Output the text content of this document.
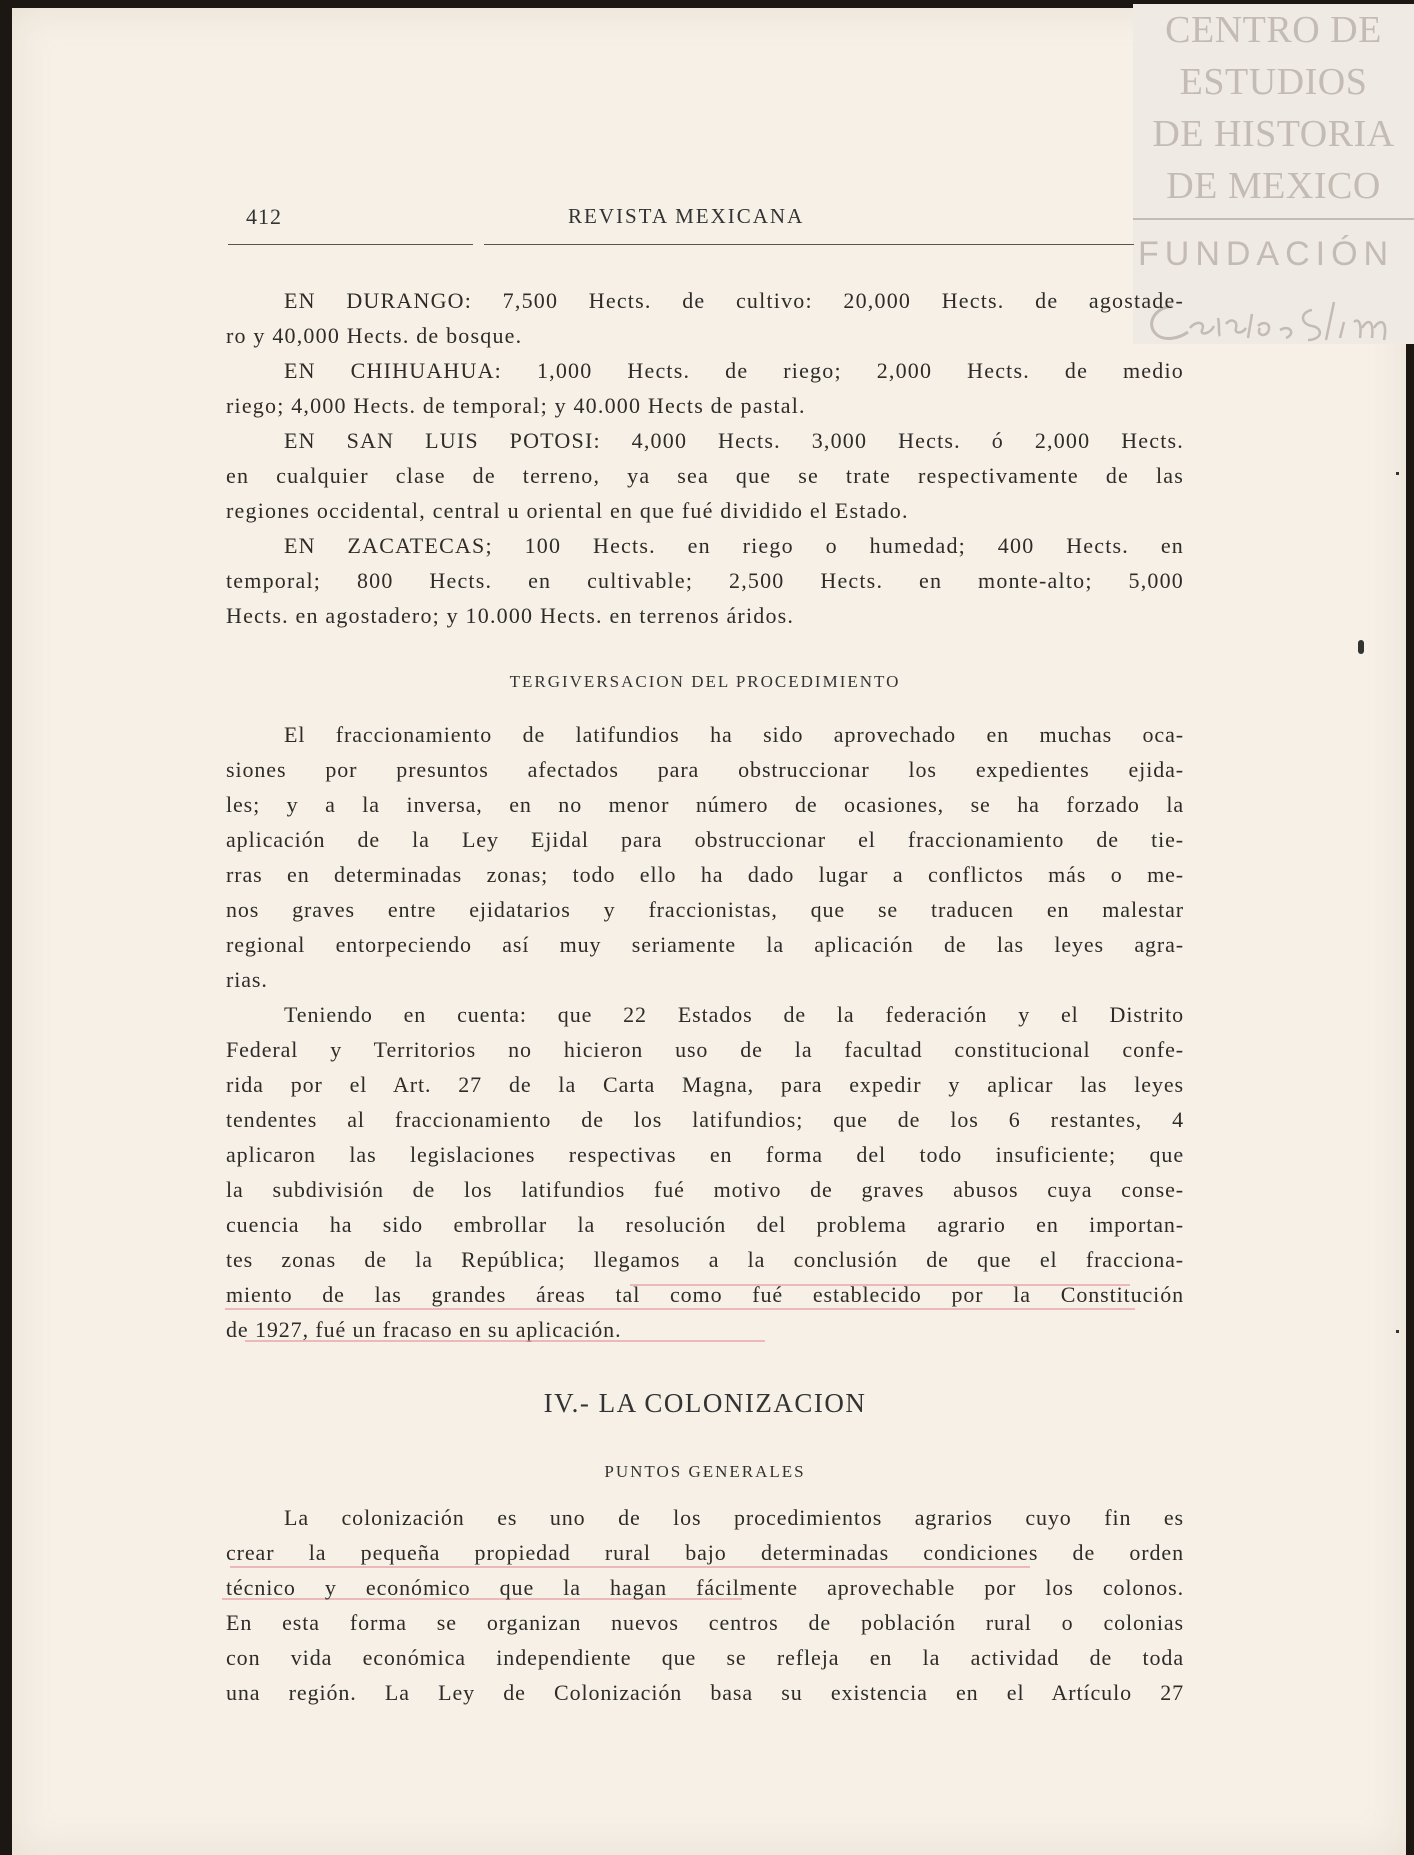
CENTRO DE
ESTUDIOS
DE HISTORIA
DE MEXICO
FUNDACIÓN
412	REVISTA MEXICANA
EN DURANGO: 7,500 Hects. de cultivo: 20,000 Hects. de agostade-
ro y 40,000 Hects. de bosque.
EN CHIHUAHUA: 1,000 Hects. de riego; 2,000 Hects. de medio
riego; 4,000 Hects. de temporal; y 40.000 Hects de pastal.
EN SAN LUIS POTOSI: 4,000 Hects. 3,000 Hects. ó 2,000 Hects.
en cualquier clase de terreno, ya sea que se trate respectivamente de las
regiones occidental, central u oriental en que fué dividido el Estado.
EN ZACATECAS; 100 Hects. en riego o humedad; 400 Hects. en
temporal; 800 Hects. en cultivable; 2,500 Hects. en monte-alto; 5,000
Hects. en agostadero; y 10.000 Hects. en terrenos áridos.
TERGIVERSACION DEL PROCEDIMIENTO
El fraccionamiento de latifundios ha sido aprovechado en muchas oca-
siones por presuntos afectados para obstruccionar los expedientes ejida-
les; y a la inversa, en no menor número de ocasiones, se ha forzado la
aplicación de la Ley Ejidal para obstruccionar el fraccionamiento de tie-
rras en determinadas zonas; todo ello ha dado lugar a conflictos más o me-
nos graves entre ejidatarios y fraccionistas, que se traducen en malestar
regional entorpeciendo así muy seriamente la aplicación de las leyes agra-
rias.
Teniendo en cuenta: que 22 Estados de la federación y el Distrito
Federal y Territorios no hicieron uso de la facultad constitucional confe-
rida por el Art. 27 de la Carta Magna, para expedir y aplicar las leyes
tendentes al fraccionamiento de los latifundios; que de los 6 restantes, 4
aplicaron las legislaciones respectivas en forma del todo insuficiente; que
la subdivisión de los latifundios fué motivo de graves abusos cuya conse-
cuencia ha sido embrollar la resolución del problema agrario en importan-
tes zonas de la República; llegamos a la conclusión de que el fracciona-
miento de las grandes áreas tal como fué establecido por la Constitución
de 1927, fué un fracaso en su aplicación.
IV.- LA COLONIZACION
PUNTOS GENERALES
La colonización es uno de los procedimientos agrarios cuyo fin es
crear la pequeña propiedad rural bajo determinadas condiciones de orden
técnico y económico que la hagan fácilmente aprovechable por los colonos.
En esta forma se organizan nuevos centros de población rural o colonias
con vida económica independiente que se refleja en la actividad de toda
una región. La Ley de Colonización basa su existencia en el Artículo 27
